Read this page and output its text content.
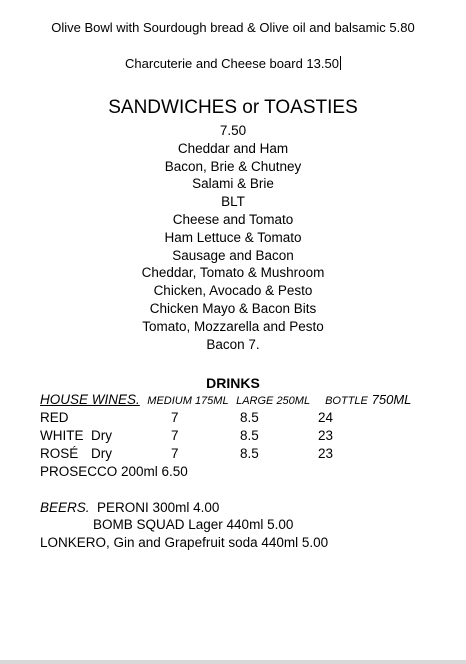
Olive Bowl with Sourdough bread & Olive oil and balsamic 5.80
Charcuterie and Cheese board 13.50
SANDWICHES or TOASTIES
7.50
Cheddar and Ham
Bacon, Brie & Chutney
Salami & Brie
BLT
Cheese and Tomato
Ham Lettuce & Tomato
Sausage and Bacon
Cheddar, Tomato & Mushroom
Chicken, Avocado & Pesto
Chicken Mayo & Bacon Bits
Tomato, Mozzarella and Pesto
Bacon 7.
DRINKS
HOUSE WINES. MEDIUM 175ML LARGE 250ML BOTTLE 750ML
RED	7	8.5	24
WHITE Dry	7	8.5	23
ROSÉ Dry	7	8.5	23
PROSECCO 200ml 6.50
BEERS. PERONI 300ml 4.00
BOMB SQUAD Lager 440ml 5.00
LONKERO, Gin and Grapefruit soda 440ml 5.00
